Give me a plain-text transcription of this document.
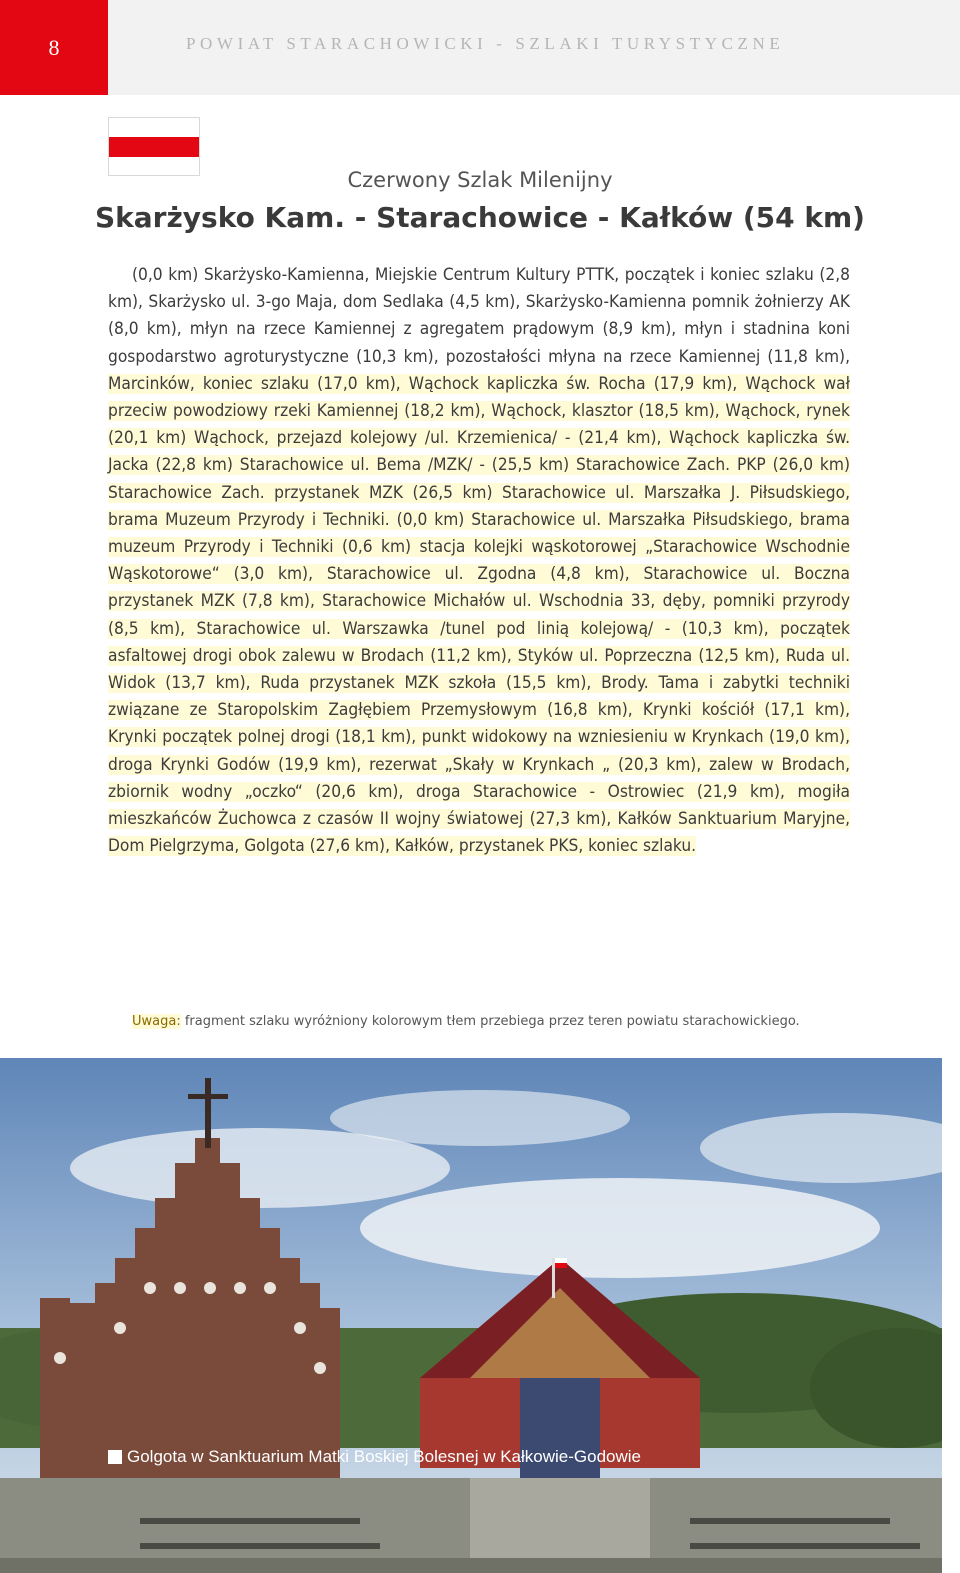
8	POWIAT STARACHOWICKI - SZLAKI TURYSTYCZNE
Czerwony Szlak Milenijny
Skarżysko Kam. - Starachowice - Kałków (54 km)

(0,0 km) Skarżysko-Kamienna, Miejskie Centrum Kultury PTTK, początek i koniec szlaku (2,8 km), Skarżysko ul. 3-go Maja, dom Sedlaka (4,5 km), Skarżysko-Kamienna pomnik żołnierzy AK (8,0 km), młyn na rzece Kamiennej z agregatem prądowym (8,9 km), młyn i stadnina koni gospodarstwo agroturystyczne (10,3 km), pozostałości młyna na rzece Kamiennej (11,8 km), Marcinków, koniec szlaku (17,0 km), Wąchock kapliczka św. Rocha (17,9 km), Wąchock wał przeciw powodziowy rzeki Kamiennej (18,2 km), Wąchock, klasztor (18,5 km), Wąchock, rynek (20,1 km) Wąchock, przejazd kolejowy /ul. Krzemienica/ - (21,4 km), Wąchock kapliczka św. Jacka (22,8 km) Starachowice ul. Bema /MZK/ - (25,5 km) Starachowice Zach. PKP (26,0 km) Starachowice Zach. przystanek MZK (26,5 km) Starachowice ul. Marszałka J. Piłsudskiego, brama Muzeum Przyrody i Techniki. (0,0 km) Starachowice ul. Marszałka Piłsudskiego, brama muzeum Przyrody i Techniki (0,6 km) stacja kolejki wąskotorowej „Starachowice Wschodnie Wąskotorowe“ (3,0 km), Starachowice ul. Zgodna (4,8 km), Starachowice ul. Boczna przystanek MZK (7,8 km), Starachowice Michałów ul. Wschodnia 33, dęby, pomniki przyrody (8,5 km), Starachowice ul. Warszawka /tunel pod linią kolejową/ - (10,3 km), początek asfaltowej drogi obok zalewu w Brodach (11,2 km), Styków ul. Poprzeczna (12,5 km), Ruda ul. Widok (13,7 km), Ruda przystanek MZK szkoła (15,5 km), Brody. Tama i zabytki techniki związane ze Staropolskim Zagłębiem Przemysłowym (16,8 km), Krynki kościół (17,1 km), Krynki początek polnej drogi (18,1 km), punkt widokowy na wzniesieniu w Krynkach (19,0 km), droga Krynki Godów (19,9 km), rezerwat „Skały w Krynkach „ (20,3 km), zalew w Brodach, zbiornik wodny „oczko“ (20,6 km), droga Starachowice - Ostrowiec (21,9 km), mogiła mieszkańców Żuchowca z czasów II wojny światowej (27,3 km), Kałków Sanktuarium Maryjne, Dom Pielgrzyma, Golgota (27,6 km), Kałków, przystanek PKS, koniec szlaku.

Uwaga: fragment szlaku wyróżniony kolorowym tłem przebiega przez teren powiatu starachowickiego.
Golgota w Sanktuarium Matki Boskiej Bolesnej w Kałkowie-Godowie
